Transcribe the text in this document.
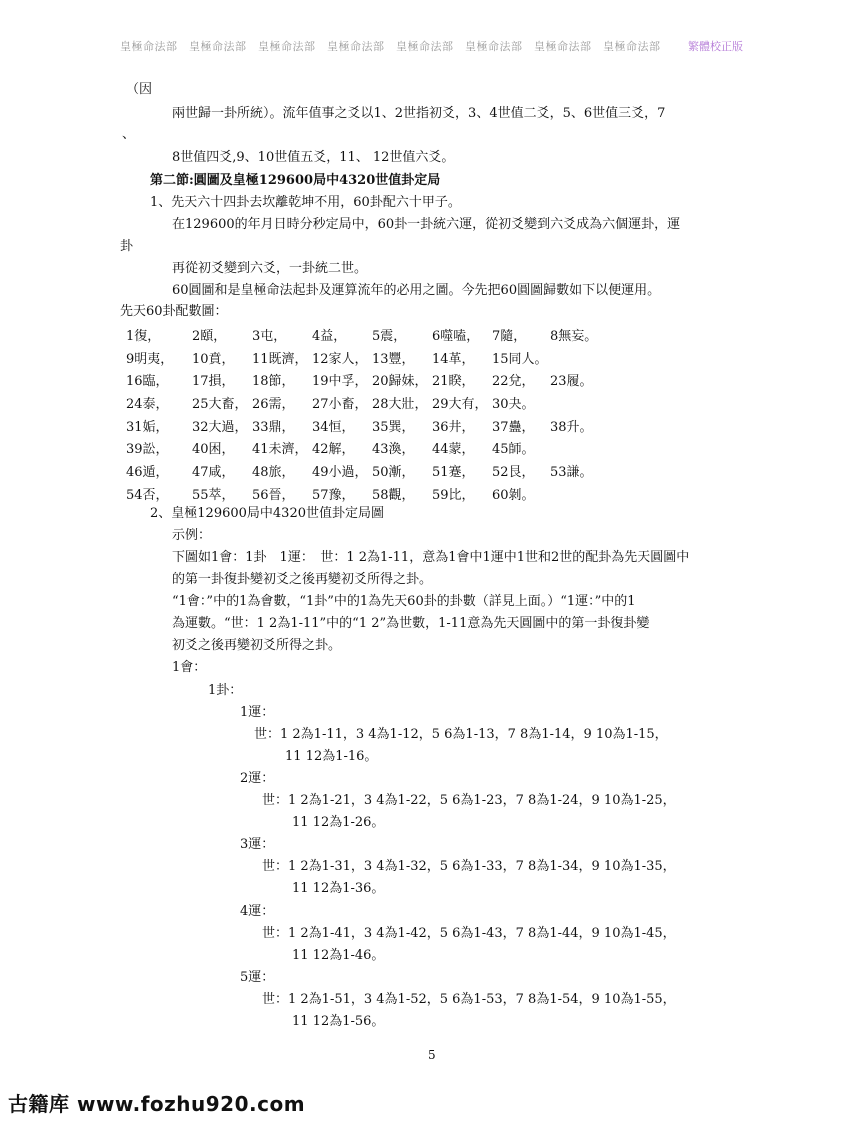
皇極命法部　皇極命法部　皇極命法部　皇極命法部　皇極命法部　皇極命法部　皇極命法部　皇極命法部	繁體校正版
（因
兩世歸一卦所統）。流年值事之爻以1、2世指初爻，3、4世值二爻，5、6世值三爻，7
、
8世值四爻,9、10世值五爻，11、 12世值六爻。
第二節:圓圖及皇極129600局中4320世值卦定局
1、先天六十四卦去坎離乾坤不用，60卦配六十甲子。
在129600的年月日時分秒定局中，60卦一卦統六運，從初爻變到六爻成為六個運卦，運
卦
再從初爻變到六爻，一卦統二世。
60圓圖和是皇極命法起卦及運算流年的必用之圖。今先把60圓圖歸數如下以便運用。
先天60卦配數圖：
1復， 2頤， 3屯， 4益， 5震， 6噬嗑， 7隨， 8無妄。
9明夷， 10賁， 11既濟， 12家人， 13豐， 14革， 15同人。
16臨， 17損， 18節， 19中孚， 20歸妹， 21睽， 22兌， 23履。
24泰， 25大畜， 26需， 27小畜， 28大壯， 29大有， 30夬。
31姤， 32大過， 33鼎， 34恒， 35巽， 36井， 37蠱， 38升。
39訟， 40困， 41未濟， 42解， 43渙， 44蒙， 45師。
46遁， 47咸， 48旅， 49小過， 50漸， 51蹇， 52艮， 53謙。
54否， 55萃， 56晉， 57豫， 58觀， 59比， 60剝。
2、皇極129600局中4320世值卦定局圖
示例：
下圖如1會：1卦　1運：　世：1 2為1-11，意為1會中1運中1世和2世的配卦為先天圓圖中
的第一卦復卦變初爻之後再變初爻所得之卦。
“1會：”中的1為會數，“1卦”中的1為先天60卦的卦數（詳見上面。）“1運：”中的1
為運數。“世：1 2為1-11”中的“1 2”為世數，1-11意為先天圓圖中的第一卦復卦變
初爻之後再變初爻所得之卦。
1會：
1卦：
1運：
世：1 2為1-11，3 4為1-12，5 6為1-13，7 8為1-14，9 10為1-15，
11 12為1-16。
2運：
世：1 2為1-21，3 4為1-22，5 6為1-23，7 8為1-24，9 10為1-25，
11 12為1-26。
3運：
世：1 2為1-31，3 4為1-32，5 6為1-33，7 8為1-34，9 10為1-35，
11 12為1-36。
4運：
世：1 2為1-41，3 4為1-42，5 6為1-43，7 8為1-44，9 10為1-45，
11 12為1-46。
5運：
世：1 2為1-51，3 4為1-52，5 6為1-53，7 8為1-54，9 10為1-55，
11 12為1-56。
5
古籍库 www.fozhu920.com
